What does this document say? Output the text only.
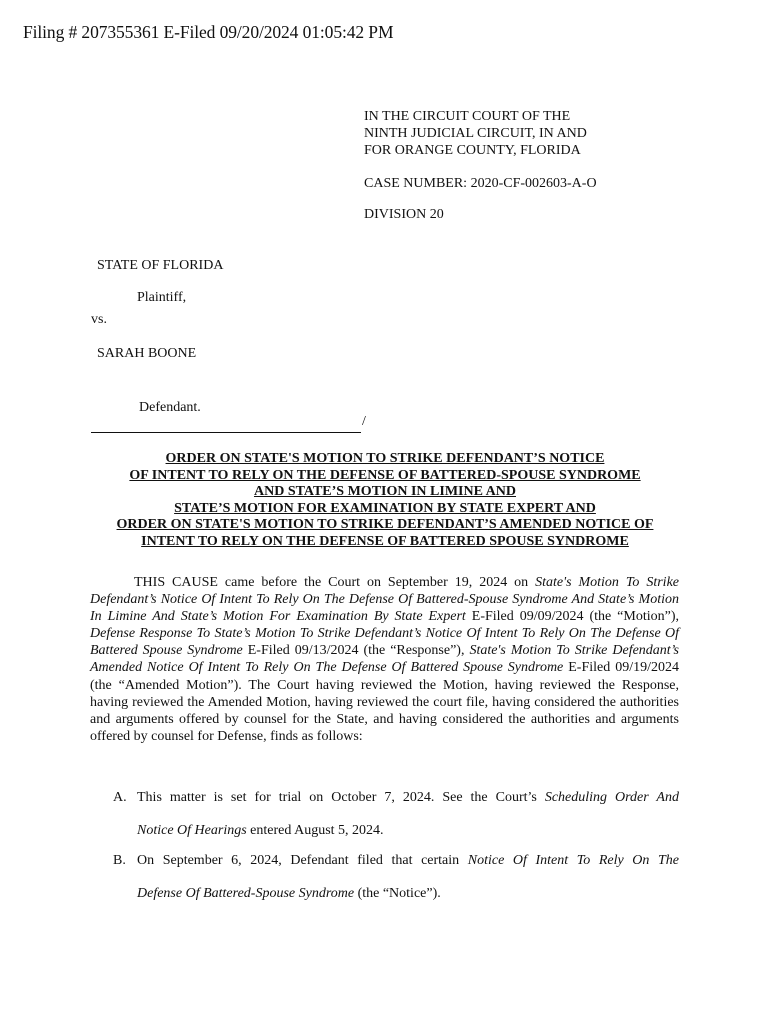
Filing # 207355361 E-Filed 09/20/2024 01:05:42 PM
IN THE CIRCUIT COURT OF THE
NINTH JUDICIAL CIRCUIT, IN AND
FOR ORANGE COUNTY, FLORIDA
CASE NUMBER: 2020-CF-002603-A-O
DIVISION 20
STATE OF FLORIDA
Plaintiff,
vs.
SARAH BOONE
Defendant.
/
ORDER ON STATE'S MOTION TO STRIKE DEFENDANT’S NOTICE
OF INTENT TO RELY ON THE DEFENSE OF BATTERED-SPOUSE SYNDROME
AND STATE’S MOTION IN LIMINE AND
STATE’S MOTION FOR EXAMINATION BY STATE EXPERT AND
ORDER ON STATE'S MOTION TO STRIKE DEFENDANT’S AMENDED NOTICE OF
INTENT TO RELY ON THE DEFENSE OF BATTERED SPOUSE SYNDROME
THIS CAUSE came before the Court on September 19, 2024 on State's Motion To Strike Defendant’s Notice Of Intent To Rely On The Defense Of Battered-Spouse Syndrome And State’s Motion In Limine And State’s Motion For Examination By State Expert E-Filed 09/09/2024 (the “Motion”), Defense Response To State’s Motion To Strike Defendant’s Notice Of Intent To Rely On The Defense Of Battered Spouse Syndrome E-Filed 09/13/2024 (the “Response”), State's Motion To Strike Defendant’s Amended Notice Of Intent To Rely On The Defense Of Battered Spouse Syndrome E-Filed 09/19/2024 (the “Amended Motion”). The Court having reviewed the Motion, having reviewed the Response, having reviewed the Amended Motion, having reviewed the court file, having considered the authorities and arguments offered by counsel for the State, and having considered the authorities and arguments offered by counsel for Defense, finds as follows:
A. This matter is set for trial on October 7, 2024. See the Court’s Scheduling Order And
Notice Of Hearings entered August 5, 2024.
B. On September 6, 2024, Defendant filed that certain Notice Of Intent To Rely On The
Defense Of Battered-Spouse Syndrome (the “Notice”).
